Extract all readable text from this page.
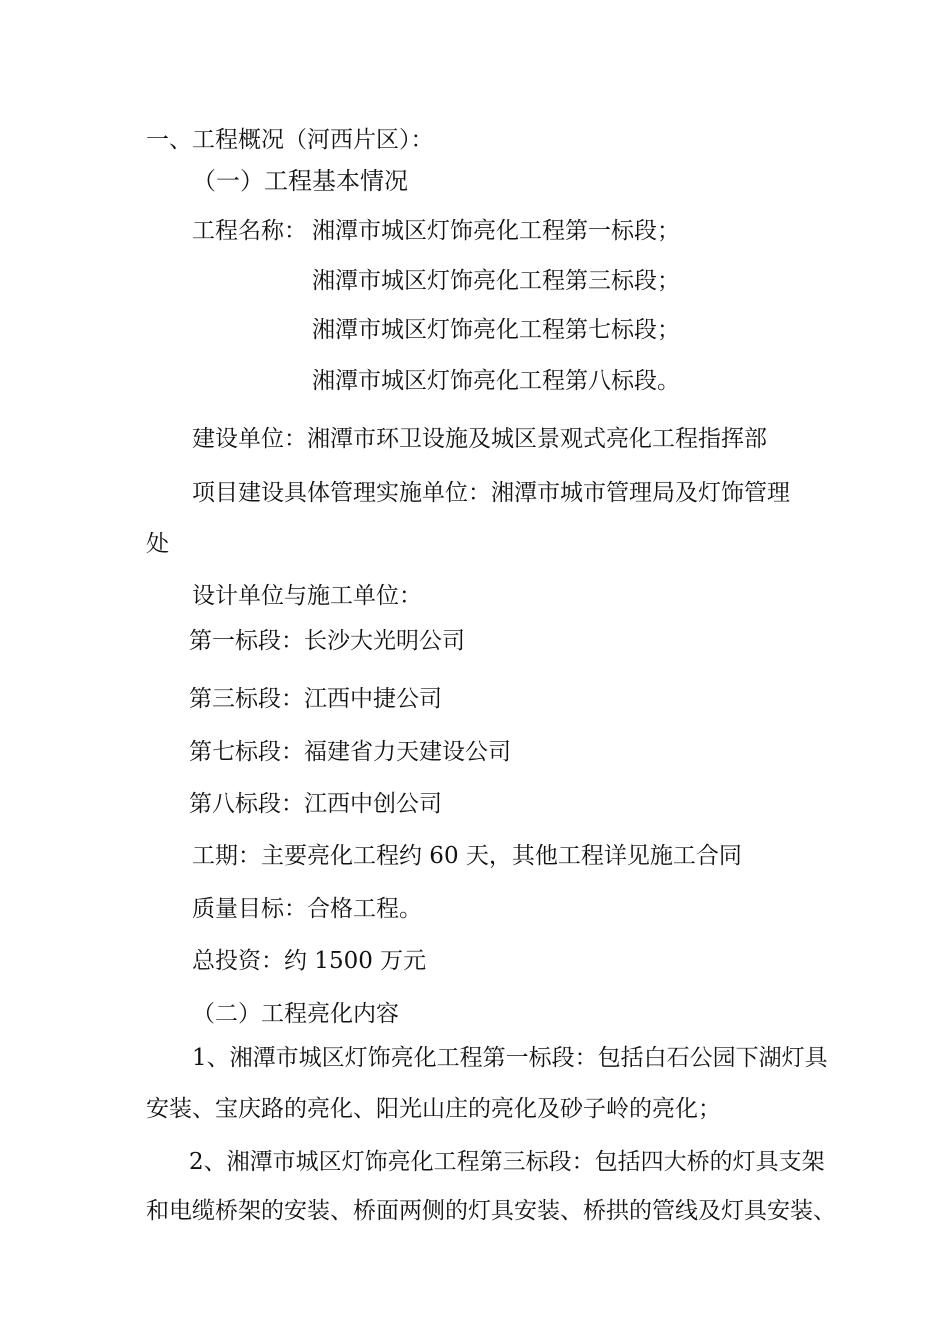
一、工程概况（河西片区）：
（一）工程基本情况
工程名称： 湘潭市城区灯饰亮化工程第一标段；
湘潭市城区灯饰亮化工程第三标段；
湘潭市城区灯饰亮化工程第七标段；
湘潭市城区灯饰亮化工程第八标段。
建设单位：湘潭市环卫设施及城区景观式亮化工程指挥部
项目建设具体管理实施单位：湘潭市城市管理局及灯饰管理
处
设计单位与施工单位：
第一标段：长沙大光明公司
第三标段：江西中捷公司
第七标段：福建省力天建设公司
第八标段：江西中创公司
工期：主要亮化工程约 60 天，其他工程详见施工合同
质量目标：合格工程。
总投资：约 1500 万元
（二）工程亮化内容
1、湘潭市城区灯饰亮化工程第一标段：包括白石公园下湖灯具
安装、宝庆路的亮化、阳光山庄的亮化及砂子岭的亮化；
2、湘潭市城区灯饰亮化工程第三标段：包括四大桥的灯具支架
和电缆桥架的安装、桥面两侧的灯具安装、桥拱的管线及灯具安装、
